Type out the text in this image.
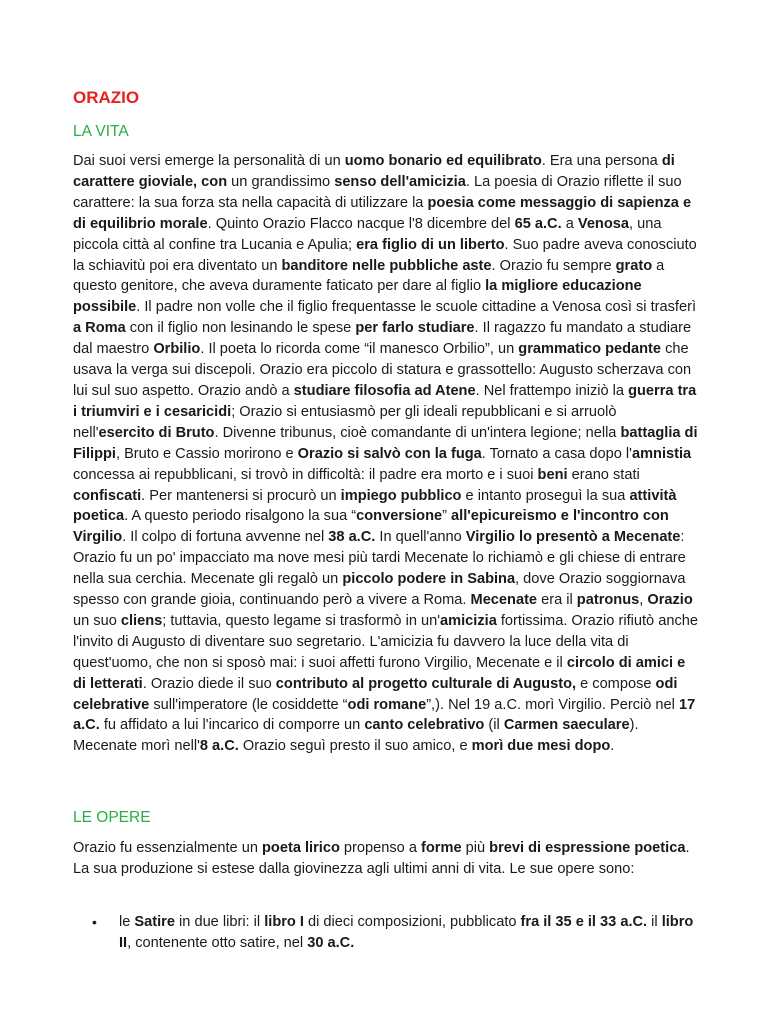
ORAZIO
LA VITA

Dai suoi versi emerge la personalità di un uomo bonario ed equilibrato. Era una persona di carattere gioviale, con un grandissimo senso dell'amicizia. La poesia di Orazio riflette il suo carattere: la sua forza sta nella capacità di utilizzare la poesia come messaggio di sapienza e di equilibrio morale. Quinto Orazio Flacco nacque l'8 dicembre del 65 a.C. a Venosa, una piccola città al confine tra Lucania e Apulia; era figlio di un liberto. Suo padre aveva conosciuto la schiavitù poi era diventato un banditore nelle pubbliche aste. Orazio fu sempre grato a questo genitore, che aveva duramente faticato per dare al figlio la migliore educazione possibile. Il padre non volle che il figlio frequentasse le scuole cittadine a Venosa così si trasferì a Roma con il figlio non lesinando le spese per farlo studiare. Il ragazzo fu mandato a studiare dal maestro Orbilio. Il poeta lo ricorda come “il manesco Orbilio”, un grammatico pedante che usava la verga sui discepoli. Orazio era piccolo di statura e grassottello: Augusto scherzava con lui sul suo aspetto. Orazio andò a studiare filosofia ad Atene. Nel frattempo iniziò la guerra tra i triumviri e i cesaricidi; Orazio si entusiasmò per gli ideali repubblicani e si arruolò nell'esercito di Bruto. Divenne tribunus, cioè comandante di un'intera legione; nella battaglia di Filippi, Bruto e Cassio morirono e Orazio si salvò con la fuga. Tornato a casa dopo l'amnistia concessa ai repubblicani, si trovò in difficoltà: il padre era morto e i suoi beni erano stati confiscati. Per mantenersi si procurò un impiego pubblico e intanto proseguì la sua attività poetica. A questo periodo risalgono la sua “conversione” all'epicureismo e l'incontro con Virgilio. Il colpo di fortuna avvenne nel 38 a.C. In quell'anno Virgilio lo presentò a Mecenate: Orazio fu un po' impacciato ma nove mesi più tardi Mecenate lo richiamò e gli chiese di entrare nella sua cerchia. Mecenate gli regalò un piccolo podere in Sabina, dove Orazio soggiornava spesso con grande gioia, continuando però a vivere a Roma. Mecenate era il patronus, Orazio un suo cliens; tuttavia, questo legame si trasformò in un'amicizia fortissima. Orazio rifiutò anche l'invito di Augusto di diventare suo segretario. L'amicizia fu davvero la luce della vita di quest'uomo, che non si sposò mai: i suoi affetti furono Virgilio, Mecenate e il circolo di amici e di letterati. Orazio diede il suo contributo al progetto culturale di Augusto, e compose odi celebrative sull'imperatore (le cosiddette “odi romane”,). Nel 19 a.C. morì Virgilio. Perciò nel 17 a.C. fu affidato a lui l'incarico di comporre un canto celebrativo (il Carmen saeculare). Mecenate morì nell'8 a.C. Orazio seguì presto il suo amico, e morì due mesi dopo.

LE OPERE

Orazio fu essenzialmente un poeta lirico propenso a forme più brevi di espressione poetica. La sua produzione si estese dalla giovinezza agli ultimi anni di vita. Le sue opere sono:

•	le Satire in due libri: il libro I di dieci composizioni, pubblicato fra il 35 e il 33 a.C. il libro II, contenente otto satire, nel 30 a.C.
